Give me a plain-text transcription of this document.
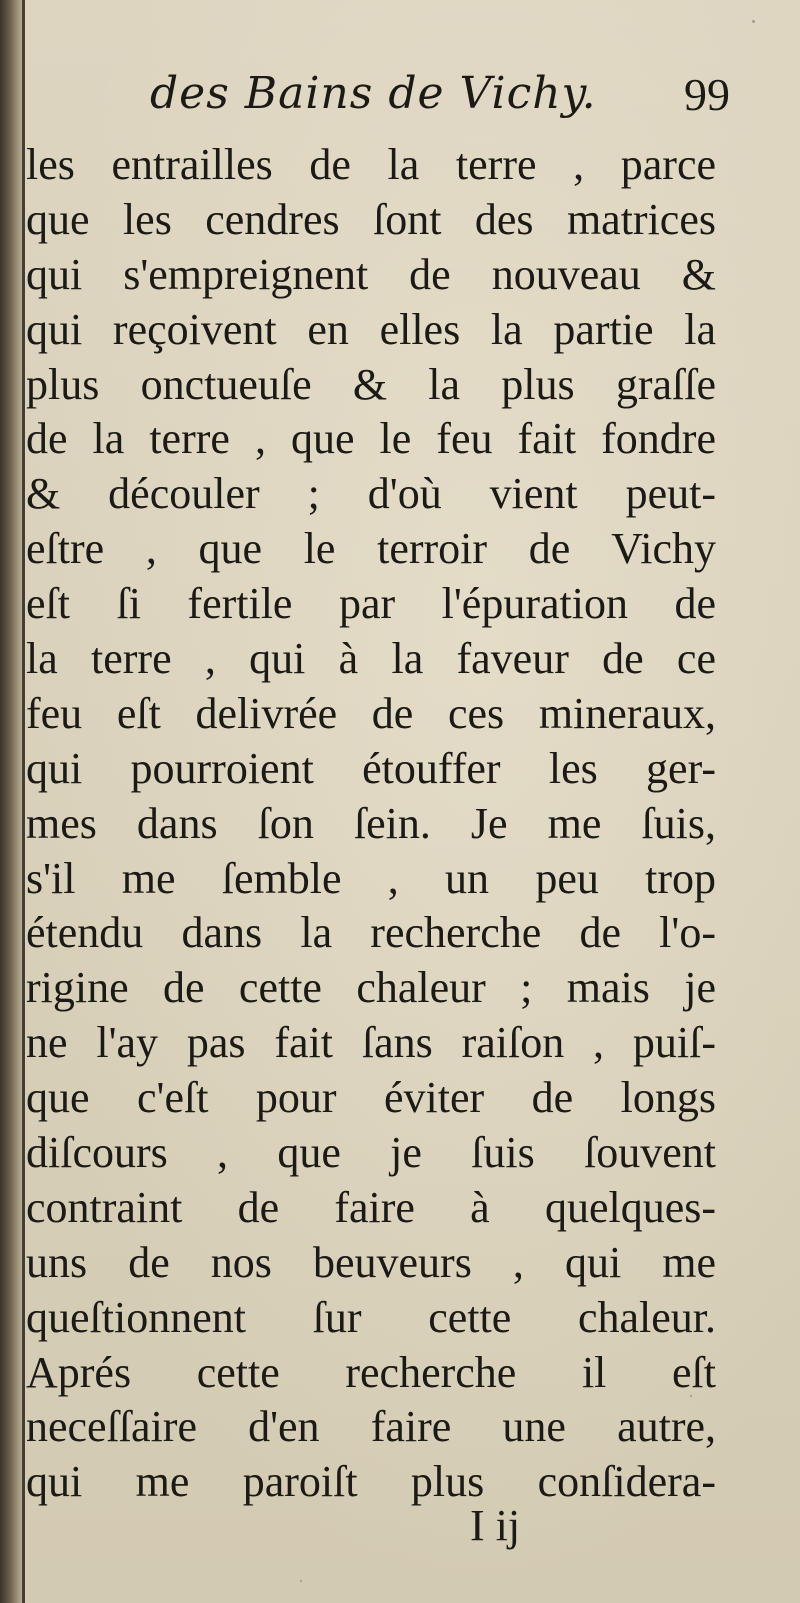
des Bains de Vichy. 99
les entrailles de la terre , parce
que les cendres ſont des matrices
qui s'empreignent de nouveau &
qui reçoivent en elles la partie la
plus onctueuſe & la plus graſſe
de la terre , que le feu fait fondre
& découler ; d'où vient peut-
eſtre , que le terroir de Vichy
eſt ſi fertile par l'épuration de
la terre , qui à la faveur de ce
feu eſt delivrée de ces mineraux,
qui pourroient étouffer les ger-
mes dans ſon ſein. Je me ſuis,
s'il me ſemble , un peu trop
étendu dans la recherche de l'o-
rigine de cette chaleur ; mais je
ne l'ay pas fait ſans raiſon , puiſ-
que c'eſt pour éviter de longs
diſcours , que je ſuis ſouvent
contraint de faire à quelques-
uns de nos beuveurs , qui me
queſtionnent ſur cette chaleur.
Aprés cette recherche il eſt
neceſſaire d'en faire une autre,
qui me paroiſt plus conſidera-
I ij
